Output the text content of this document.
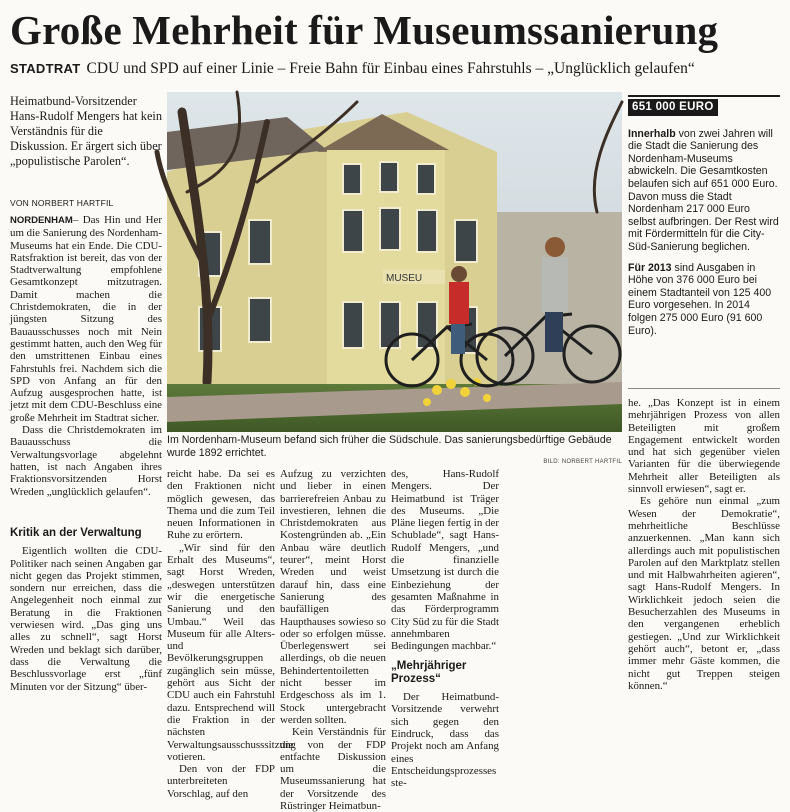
Große Mehrheit für Museumssanierung
STADTRAT CDU und SPD auf einer Linie – Freie Bahn für Einbau eines Fahrstuhls – „Unglücklich gelaufen“
Heimatbund-Vorsitzender Hans-Rudolf Mengers hat kein Verständnis für die Diskussion. Er ärgert sich über „populistische Parolen“.
VON NORBERT HARTFIL

NORDENHAM– Das Hin und Her um die Sanierung des Nordenham-Museums hat ein Ende. Die CDU-Ratsfraktion ist bereit, das von der Stadtverwaltung empfohlene Gesamtkonzept mitzutragen. Damit machen die Christdemokraten, die in der jüngsten Sitzung des Bauausschusses noch mit Nein gestimmt hatten, auch den Weg für den umstrittenen Einbau eines Fahrstuhls frei. Nachdem sich die SPD von Anfang an für den Aufzug ausgesprochen hatte, ist jetzt mit dem CDU-Beschluss eine große Mehrheit im Stadtrat sicher.

Dass die Christdemokraten im Bauausschuss die Verwaltungsvorlage abgelehnt hatten, ist nach Angaben ihres Fraktionsvorsitzenden Horst Wreden „unglücklich gelaufen“.

Kritik an der Verwaltung

Eigentlich wollten die CDU-Politiker nach seinen Angaben gar nicht gegen das Projekt stimmen, sondern nur erreichen, dass die Angelegenheit noch einmal zur Beratung in die Fraktionen verwiesen wird. „Das ging uns alles zu schnell“, sagt Horst Wreden und beklagt sich darüber, dass die Verwaltung die Beschlussvorlage erst „fünf Minuten vor der Sitzung“ über-

MUSEU
Im Nordenham-Museum befand sich früher die Südschule. Das sanierungsbedürftige Gebäude wurde 1892 errichtet.
BILD: NORBERT HARTFIL

reicht habe. Da sei es den Fraktionen nicht möglich gewesen, das Thema und die zum Teil neuen Informationen in Ruhe zu erörtern.

„Wir sind für den Erhalt des Museums“, sagt Horst Wreden, „deswegen unterstützen wir die energetische Sanierung und den Umbau.“ Weil das Museum für alle Alters- und Bevölkerungsgruppen zugänglich sein müsse, gehört aus Sicht der CDU auch ein Fahrstuhl dazu. Entsprechend will die Fraktion in der nächsten Verwaltungsausschusssitzung votieren.

Den von der FDP unterbreiteten Vorschlag, auf den

Aufzug zu verzichten und lieber in einen barrierefreien Anbau zu investieren, lehnen die Christdemokraten aus Kostengründen ab. „Ein Anbau wäre deutlich teurer“, meint Horst Wreden und weist darauf hin, dass eine Sanierung des baufälligen Haupthauses sowieso so oder so erfolgen müsse. Überlegenswert sei allerdings, ob die neuen Behindertentoiletten nicht besser im Erdgeschoss als im 1. Stock untergebracht werden sollten.

Kein Verständnis für die von der FDP entfachte Diskussion um die Museumssanierung hat der Vorsitzende des Rüstringer Heimatbun-

des, Hans-Rudolf Mengers. Der Heimatbund ist Träger des Museums. „Die Pläne liegen fertig in der Schublade“, sagt Hans-Rudolf Mengers, „und die finanzielle Umsetzung ist durch die Einbeziehung der gesamten Maßnahme in das Förderprogramm City Süd zu für die Stadt annehmbaren Bedingungen machbar.“

„Mehrjähriger Prozess“

Der Heimatbund-Vorsitzende verwehrt sich gegen den Eindruck, dass das Projekt noch am Anfang eines Entscheidungsprozesses ste-

he. „Das Konzept ist in einem mehrjährigen Prozess von allen Beteiligten mit großem Engagement entwickelt worden und hat sich gegenüber vielen Varianten für die überwiegende Mehrheit aller Beteiligten als sinnvoll erwiesen“, sagt er.

Es gehöre nun einmal „zum Wesen der Demokratie“, mehrheitliche Beschlüsse anzuerkennen. „Man kann sich allerdings auch mit populistischen Parolen auf den Marktplatz stellen und mit Halbwahrheiten agieren“, sagt Hans-Rudolf Mengers. In Wirklichkeit jedoch seien die Besucherzahlen des Museums in den vergangenen erheblich gestiegen. „Und zur Wirklichkeit gehört auch“, betont er, „dass immer mehr Gäste kommen, die nicht gut Treppen steigen können.“

651 000 EURO

Innerhalb von zwei Jahren will die Stadt die Sanierung des Nordenham-Museums abwickeln. Die Gesamtkosten belaufen sich auf 651 000 Euro. Davon muss die Stadt Nordenham 217 000 Euro selbst aufbringen. Der Rest wird mit Fördermitteln für die City-Süd-Sanierung beglichen.

Für 2013 sind Ausgaben in Höhe von 376 000 Euro bei einem Stadtanteil von 125 400 Euro vorgesehen. In 2014 folgen 275 000 Euro (91 600 Euro).
